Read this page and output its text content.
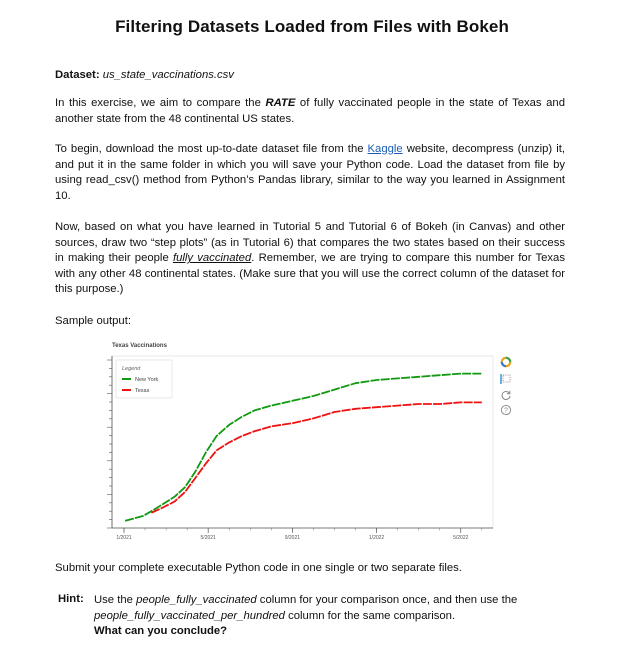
Filtering Datasets Loaded from Files with Bokeh
Dataset: us_state_vaccinations.csv
In this exercise, we aim to compare the RATE of fully vaccinated people in the state of Texas and another state from the 48 continental US states.
To begin, download the most up-to-date dataset file from the Kaggle website, decompress (unzip) it, and put it in the same folder in which you will save your Python code. Load the dataset from file by using read_csv() method from Python’s Pandas library, similar to the way you learned in Assignment 10.
Now, based on what you have learned in Tutorial 5 and Tutorial 6 of Bokeh (in Canvas) and other sources, draw two “step plots” (as in Tutorial 6) that compares the two states based on their success in making their people fully vaccinated. Remember, we are trying to compare this number for Texas with any other 48 continental states. (Make sure that you will use the correct column of the dataset for this purpose.)
Sample output:
Texas Vaccinations
1/2021	5/2021	9/2021	1/2022	5/2022
Legend
New York
Texas
?
Submit your complete executable Python code in one single or two separate files.
Hint: Use the people_fully_vaccinated column for your comparison once, and then use the people_fully_vaccinated_per_hundred column for the same comparison.
What can you conclude?
